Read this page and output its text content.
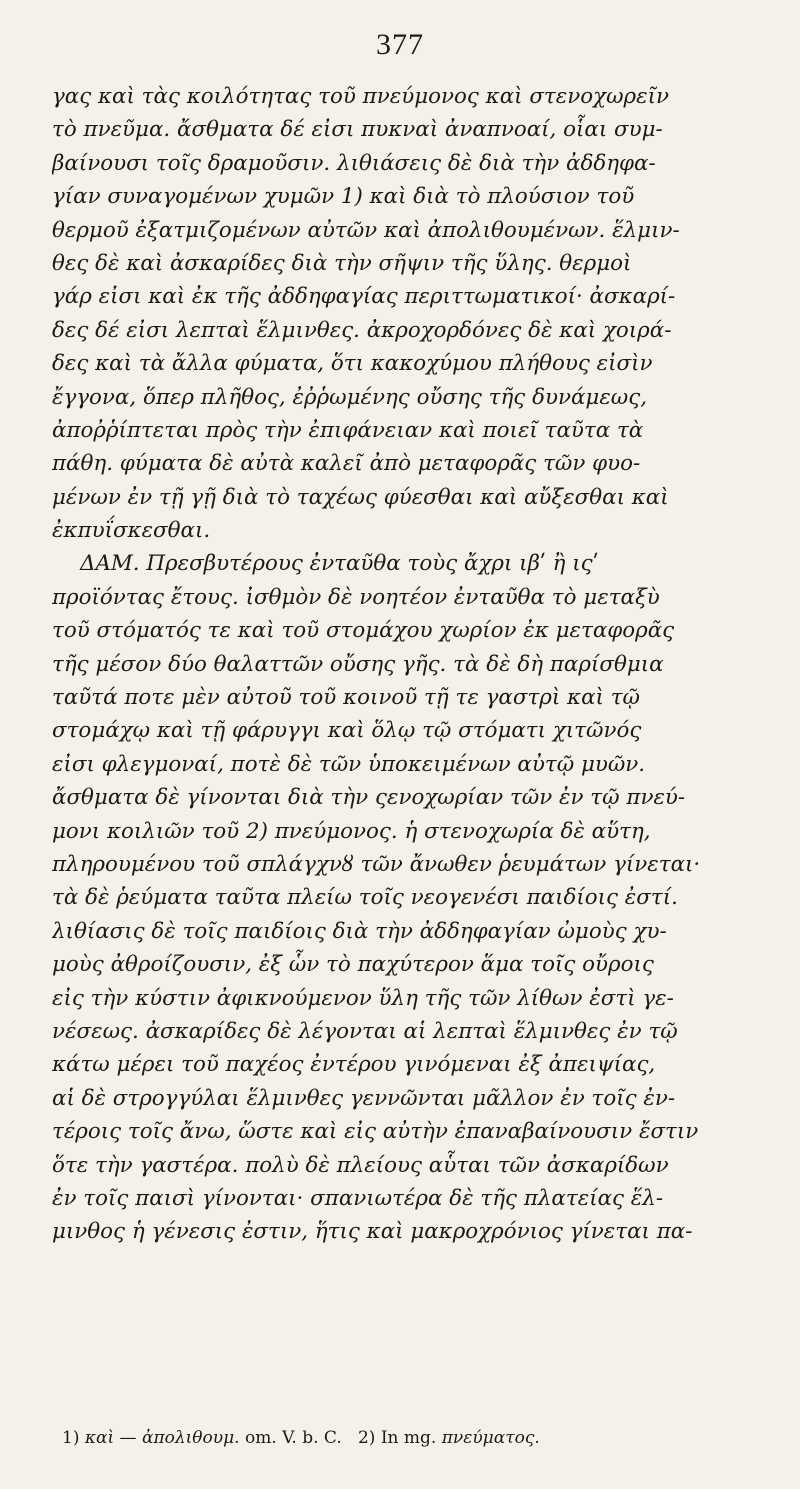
377
γας καὶ τὰς κοιλότητας τοῦ πνεύμονος καὶ στενοχωρεῖν
τὸ πνεῦμα. ἄσθματα δέ εἰσι πυκναὶ ἀναπνοαί, οἷαι συμ-
βαίνουσι τοῖς δραμοῦσιν. λιθιάσεις δὲ διὰ τὴν ἀδδηφα-
γίαν συναγομένων χυμῶν 1) καὶ διὰ τὸ πλούσιον τοῦ
θερμοῦ ἐξατμιζομένων αὐτῶν καὶ ἀπολιθουμένων. ἕλμιν-
θες δὲ καὶ ἀσκαρίδες διὰ τὴν σῆψιν τῆς ὕλης. θερμοὶ
γάρ εἰσι καὶ ἐκ τῆς ἀδδηφαγίας περιττωματικοί· ἀσκαρί-
δες δέ εἰσι λεπταὶ ἕλμινθες. ἀκροχορδόνες δὲ καὶ χοιρά-
δες καὶ τὰ ἄλλα φύματα, ὅτι κακοχύμου πλήθους εἰσὶν
ἔγγονα, ὅπερ πλῆθος, ἐῤῥωμένης οὔσης τῆς δυνάμεως,
ἀποῤῥίπτεται πρὸς τὴν ἐπιφάνειαν καὶ ποιεῖ ταῦτα τὰ
πάθη. φύματα δὲ αὐτὰ καλεῖ ἀπὸ μεταφορᾶς τῶν φυο-
μένων ἐν τῇ γῇ διὰ τὸ ταχέως φύεσθαι καὶ αὔξεσθαι καὶ
ἐκπυΐσκεσθαι.
ΔΑΜ. Πρεσβυτέρους ἐνταῦθα τοὺς ἄχρι ιβʹ ἢ ιςʹ
προϊόντας ἔτους. ἰσθμὸν δὲ νοητέον ἐνταῦθα τὸ μεταξὺ
τοῦ στόματός τε καὶ τοῦ στομάχου χωρίον ἐκ μεταφορᾶς
τῆς μέσον δύο θαλαττῶν οὔσης γῆς. τὰ δὲ δὴ παρίσθμια
ταῦτά ποτε μὲν αὐτοῦ τοῦ κοινοῦ τῇ τε γαστρὶ καὶ τῷ
στομάχῳ καὶ τῇ φάρυγγι καὶ ὅλῳ τῷ στόματι χιτῶνός
εἰσι φλεγμοναί, ποτὲ δὲ τῶν ὑποκειμένων αὐτῷ μυῶν.
ἄσθματα δὲ γίνονται διὰ τὴν ςενοχωρίαν τῶν ἐν τῷ πνεύ-
μονι κοιλιῶν τοῦ 2) πνεύμονος. ἡ στενοχωρία δὲ αὕτη,
πληρουμένου τοῦ σπλάγχνȣ τῶν ἄνωθεν ῥευμάτων γίνεται·
τὰ δὲ ῥεύματα ταῦτα πλείω τοῖς νεογενέσι παιδίοις ἐστί.
λιθίασις δὲ τοῖς παιδίοις διὰ τὴν ἀδδηφαγίαν ὠμοὺς χυ-
μοὺς ἀθροίζουσιν, ἐξ ὧν τὸ παχύτερον ἅμα τοῖς οὔροις
εἰς τὴν κύστιν ἀφικνούμενον ὕλη τῆς τῶν λίθων ἐστὶ γε-
νέσεως. ἀσκαρίδες δὲ λέγονται αἱ λεπταὶ ἕλμινθες ἐν τῷ
κάτω μέρει τοῦ παχέος ἐντέρου γινόμεναι ἐξ ἀπειψίας,
αἱ δὲ στρογγύλαι ἕλμινθες γεννῶνται μᾶλλον ἐν τοῖς ἐν-
τέροις τοῖς ἄνω, ὥστε καὶ εἰς αὐτὴν ἐπαναβαίνουσιν ἔστιν
ὅτε τὴν γαστέρα. πολὺ δὲ πλείους αὗται τῶν ἀσκαρίδων
ἐν τοῖς παισὶ γίνονται· σπανιωτέρα δὲ τῆς πλατείας ἕλ-
μινθος ἡ γένεσις ἐστιν, ἥτις καὶ μακροχρόνιος γίνεται πα-
1) καὶ — ἀπολιθουμ. om. V. b. C. 2) In mg. πνεύματος.
